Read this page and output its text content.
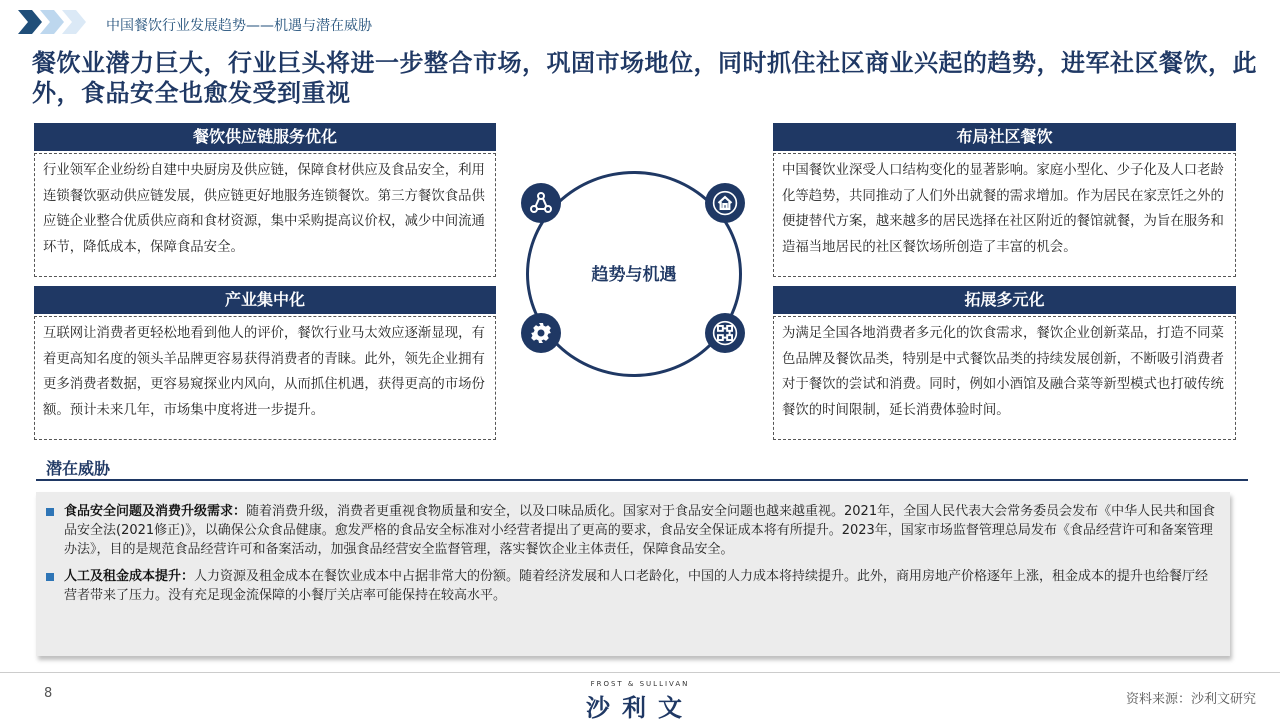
中国餐饮行业发展趋势——机遇与潜在威胁
餐饮业潜力巨大，行业巨头将进一步整合市场，巩固市场地位，同时抓住社区商业兴起的趋势，进军社区餐饮，此外，食品安全也愈发受到重视
餐饮供应链服务优化
行业领军企业纷纷自建中央厨房及供应链，保障食材供应及食品安全，利用连锁餐饮驱动供应链发展，供应链更好地服务连锁餐饮。第三方餐饮食品供应链企业整合优质供应商和食材资源，集中采购提高议价权，减少中间流通环节，降低成本，保障食品安全。
产业集中化
互联网让消费者更轻松地看到他人的评价，餐饮行业马太效应逐渐显现，有着更高知名度的领头羊品牌更容易获得消费者的青睐。此外，领先企业拥有更多消费者数据，更容易窥探业内风向，从而抓住机遇，获得更高的市场份额。预计未来几年，市场集中度将进一步提升。
布局社区餐饮
中国餐饮业深受人口结构变化的显著影响。家庭小型化、少子化及人口老龄化等趋势，共同推动了人们外出就餐的需求增加。作为居民在家烹饪之外的便捷替代方案，越来越多的居民选择在社区附近的餐馆就餐，为旨在服务和造福当地居民的社区餐饮场所创造了丰富的机会。
拓展多元化
为满足全国各地消费者多元化的饮食需求，餐饮企业创新菜品，打造不同菜色品牌及餐饮品类，特别是中式餐饮品类的持续发展创新，不断吸引消费者对于餐饮的尝试和消费。同时，例如小酒馆及融合菜等新型模式也打破传统餐饮的时间限制，延长消费体验时间。
趋势与机遇
潜在威胁
食品安全问题及消费升级需求：随着消费升级，消费者更重视食物质量和安全，以及口味品质化。国家对于食品安全问题也越来越重视。2021年，全国人民代表大会常务委员会发布《中华人民共和国食品安全法(2021修正)》，以确保公众食品健康。愈发严格的食品安全标准对小经营者提出了更高的要求，食品安全保证成本将有所提升。2023年，国家市场监督管理总局发布《食品经营许可和备案管理办法》，目的是规范食品经营许可和备案活动，加强食品经营安全监督管理，落实餐饮企业主体责任，保障食品安全。
人工及租金成本提升：人力资源及租金成本在餐饮业成本中占据非常大的份额。随着经济发展和人口老龄化，中国的人力成本将持续提升。此外，商用房地产价格逐年上涨，租金成本的提升也给餐厅经营者带来了压力。没有充足现金流保障的小餐厅关店率可能保持在较高水平。
8
FROST & SULLIVAN
沙利文	资料来源：沙利文研究
